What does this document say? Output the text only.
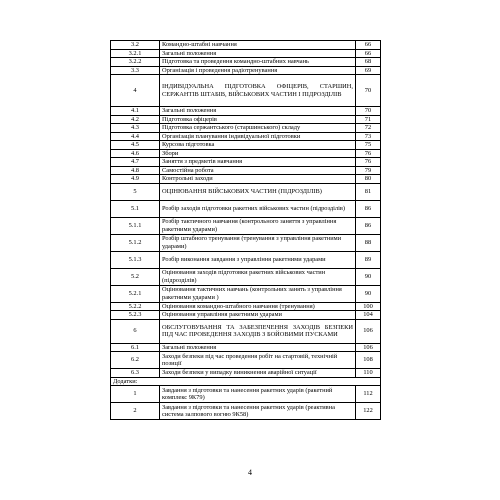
3.2	Командно-штабні навчання	66
3.2.1	Загальні положення	66
3.2.2	Підготовка та проведення командно-штабних навчань	68
3.3	Організація і проведення радіотренування	69
4	ІНДИВІДУАЛЬНА ПІДГОТОВКА ОФІЦЕРІВ, СТАРШИН, СЕРЖАНТІВ ШТАБІВ, ВІЙСЬКОВИХ ЧАСТИН І ПІДРОЗДІЛІВ	70
4.1	Загальні положення	70
4.2	Підготовка офіцерів	71
4.3	Підготовка сержантського (старшинського) складу	72
4.4	Організація планування індивідуальної підготовки	73
4.5	Курсова підготовка	75
4.6	Збори	76
4.7	Заняття з предметів навчання	76
4.8	Самостійна робота	79
4.9	Контрольні заходи	80
5	ОЦІНЮВАННЯ ВІЙСЬКОВИХ ЧАСТИН (ПІДРОЗДІЛІВ)	81
5.1	Розбір заходів підготовки ракетних військових частин (підрозділів)	86
5.1.1	Розбір тактичного навчання (контрольного заняття з управління ракетними ударами)	86
5.1.2	Розбір штабного тренування (тренування з управління ракетними ударами)	88
5.1.3	Розбір виконання завдання з управління ракетними ударами	89
5.2	Оцінювання заходів підготовки ракетних військових частин (підрозділів)	90
5.2.1	Оцінювання тактичних навчань (контрольних занять з управління ракетними ударами )	90
5.2.2	Оцінювання командно-штабного навчання (тренування)	100
5.2.3	Оцінювання управління ракетними ударами	104
6	ОБСЛУГОВУВАННЯ ТА ЗАБЕЗПЕЧЕННЯ ЗАХОДІВ БЕЗПЕКИ ПІД ЧАС ПРОВЕДЕННЯ ЗАХОДІВ З БОЙОВИМИ ПУСКАМИ	106
6.1	Загальні положення	106
6.2	Заходи безпеки під час проведення робіт на стартовій, технічній позиції	108
6.3	Заходи безпеки у випадку виникнення аварійної ситуації	110
Додатки:		
1	Завдання з підготовки та нанесення ракетних ударів (ракетний комплекс 9К79)	112
2	Завдання з підготовки та нанесення ракетних ударів (реактивна система залпового вогню 9К58)	122
4
